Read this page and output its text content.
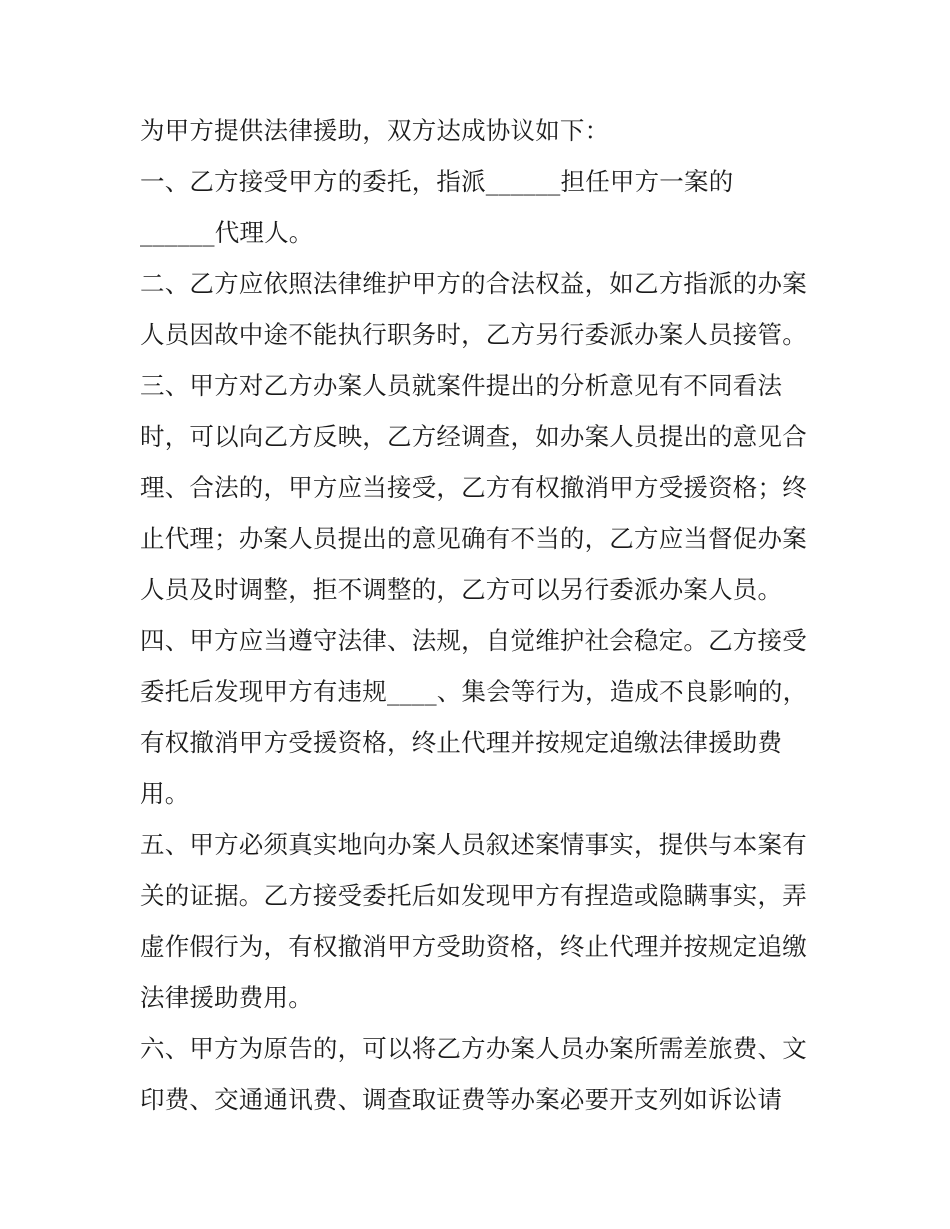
为甲方提供法律援助，双方达成协议如下：
一、乙方接受甲方的委托，指派______担任甲方一案的
______代理人。
二、乙方应依照法律维护甲方的合法权益，如乙方指派的办案
人员因故中途不能执行职务时，乙方另行委派办案人员接管。
三、甲方对乙方办案人员就案件提出的分析意见有不同看法
时，可以向乙方反映，乙方经调查，如办案人员提出的意见合
理、合法的，甲方应当接受，乙方有权撤消甲方受援资格；终
止代理；办案人员提出的意见确有不当的，乙方应当督促办案
人员及时调整，拒不调整的，乙方可以另行委派办案人员。
四、甲方应当遵守法律、法规，自觉维护社会稳定。乙方接受
委托后发现甲方有违规____、集会等行为，造成不良影响的，
有权撤消甲方受援资格，终止代理并按规定追缴法律援助费
用。
五、甲方必须真实地向办案人员叙述案情事实，提供与本案有
关的证据。乙方接受委托后如发现甲方有捏造或隐瞒事实，弄
虚作假行为，有权撤消甲方受助资格，终止代理并按规定追缴
法律援助费用。
六、甲方为原告的，可以将乙方办案人员办案所需差旅费、文
印费、交通通讯费、调查取证费等办案必要开支列如诉讼请
